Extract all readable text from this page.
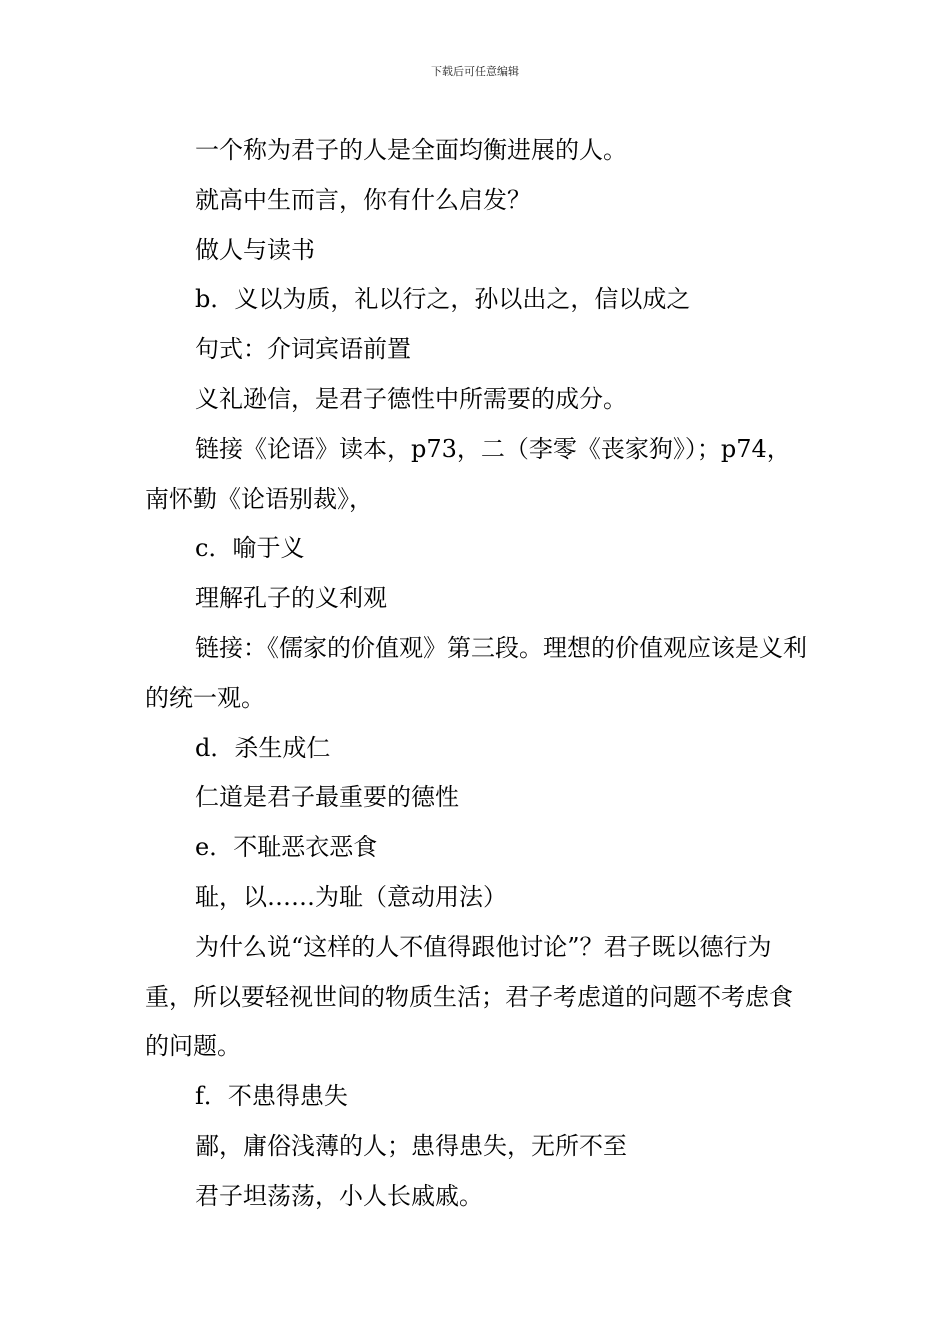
下载后可任意编辑

一个称为君子的人是全面均衡进展的人。

就高中生而言，你有什么启发？

做人与读书

b．义以为质，礼以行之，孙以出之，信以成之

句式：介词宾语前置

义礼逊信，是君子德性中所需要的成分。

链接《论语》读本，p73，二（李零《丧家狗》）；p74，南怀勤《论语别裁》，

c．喻于义

理解孔子的义利观

链接：《儒家的价值观》第三段。理想的价值观应该是义利的统一观。

d．杀生成仁

仁道是君子最重要的德性

e．不耻恶衣恶食

耻，以……为耻（意动用法）

为什么说“这样的人不值得跟他讨论”？君子既以德行为重，所以要轻视世间的物质生活；君子考虑道的问题不考虑食的问题。

f．不患得患失

鄙，庸俗浅薄的人；患得患失，无所不至

君子坦荡荡，小人长戚戚。
